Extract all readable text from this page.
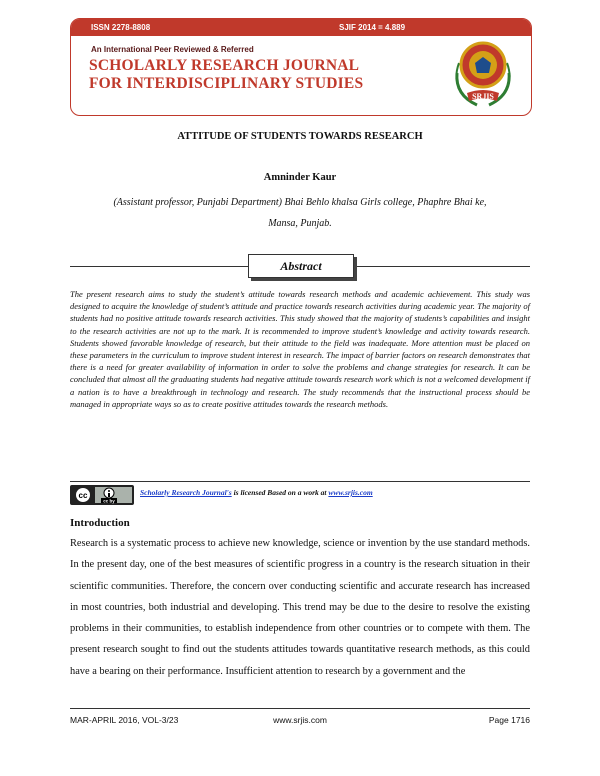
ISSN 2278-8808	SJIF 2014 = 4.889
An International Peer Reviewed & Referred
SCHOLARLY RESEARCH JOURNAL
FOR INTERDISCIPLINARY STUDIES
SRJIS
ATTITUDE OF STUDENTS TOWARDS RESEARCH
Amninder Kaur
(Assistant professor, Punjabi Department) Bhai Behlo khalsa Girls college, Phaphre Bhai ke,
Mansa, Punjab.
Abstract

The present research aims to study the student’s attitude towards research methods and academic achievement. This study was designed to acquire the knowledge of student’s attitude and practice towards research activities during academic year. The majority of students had no positive attitude towards research activities. This study showed that the majority of students’s capabilities and insight to the research activities are not up to the mark. It is recommended to improve student’s knowledge and activity towards research. Students showed favorable knowledge of research, but their attitude to the field was inadequate. More attention must be placed on these parameters in the curriculum to improve student interest in research. The impact of barrier factors on research demonstrates that there is a need for greater availability of information in order to solve the problems and change strategies for research. It can be concluded that almost all the graduating students had negative attitude towards research work which is not a welcomed development if a nation is to have a breakthrough in technology and research. The study recommends that the instructional process should be managed in appropriate ways so as to create positive attitudes towards the research methods.

cc
cc by
Scholarly Research Journal's is licensed Based on a work at www.srjis.com
Introduction

Research is a systematic process to achieve new knowledge, science or invention by the use standard methods. In the present day, one of the best measures of scientific progress in a country is the research situation in their scientific communities. Therefore, the concern over conducting scientific and accurate research has increased in most countries, both industrial and developing. This trend may be due to the desire to resolve the existing problems in their communities, to establish independence from other countries or to compete with them. The present research sought to find out the students attitudes towards quantitative research methods, as this could have a bearing on their performance. Insufficient attention to research by a government and the

MAR-APRIL 2016, VOL-3/23	www.srjis.com	Page 1716
